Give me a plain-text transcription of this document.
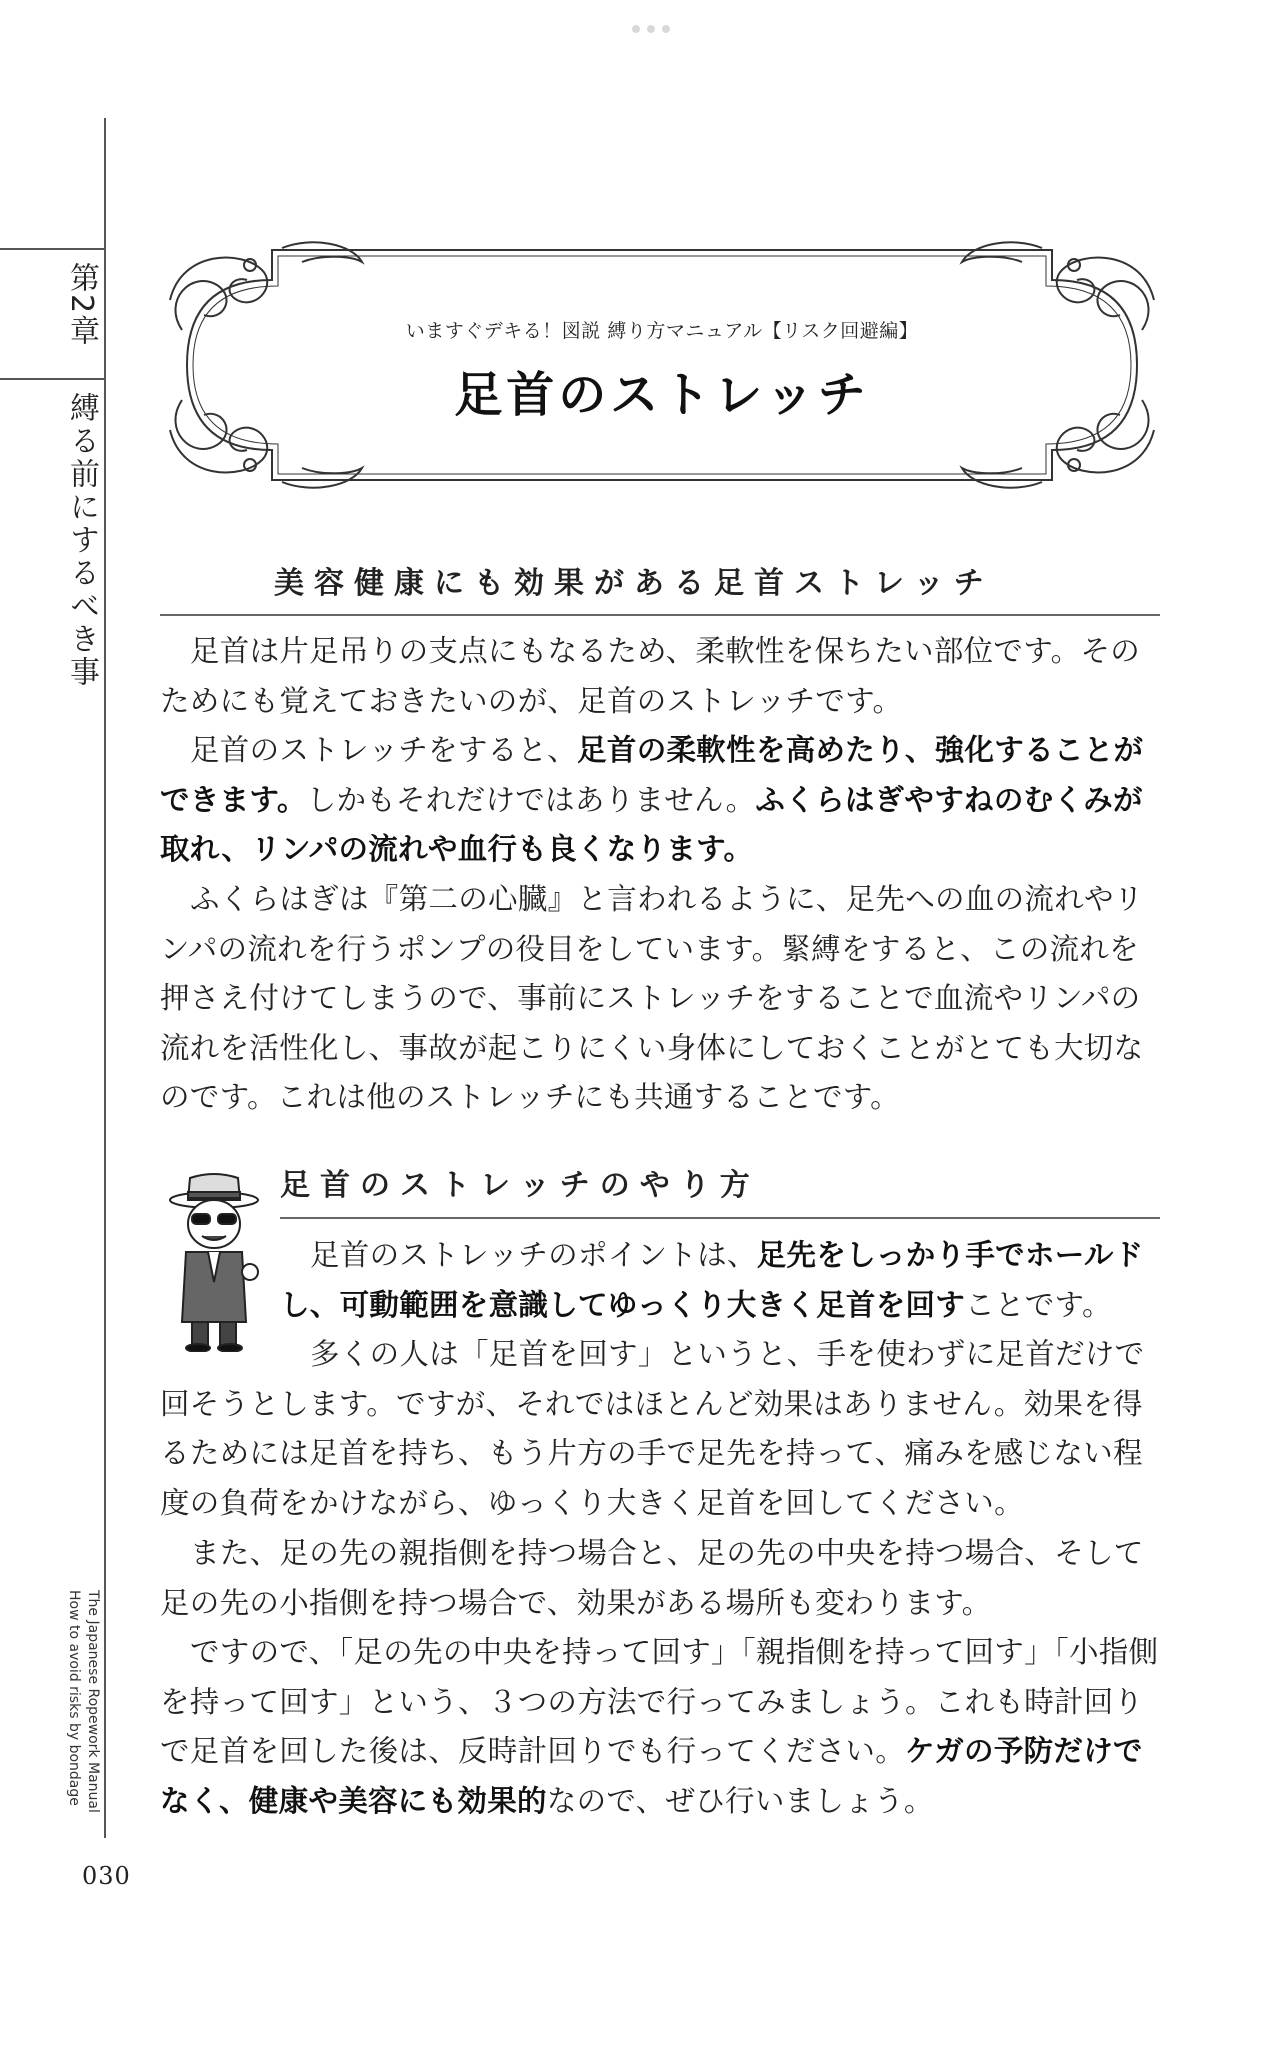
第2章
縛る前にするべき事
The Japanese Ropework Manual
How to avoid risks by bondage
030
いますぐデキる！図説 縛り方マニュアル【リスク回避編】
足首のストレッチ
美容健康にも効果がある足首ストレッチ

足首は片足吊りの支点にもなるため、柔軟性を保ちたい部位です。そのためにも覚えておきたいのが、足首のストレッチです。

足首のストレッチをすると、足首の柔軟性を高めたり、強化することができます。しかもそれだけではありません。ふくらはぎやすねのむくみが取れ、リンパの流れや血行も良くなります。

ふくらはぎは『第二の心臓』と言われるように、足先への血の流れやリンパの流れを行うポンプの役目をしています。緊縛をすると、この流れを押さえ付けてしまうので、事前にストレッチをすることで血流やリンパの流れを活性化し、事故が起こりにくい身体にしておくことがとても大切なのです。これは他のストレッチにも共通することです。

足首のストレッチのやり方

足首のストレッチのポイントは、足先をしっかり手でホールドし、可動範囲を意識してゆっくり大きく足首を回すことです。

多くの人は「足首を回す」というと、手を使わずに足首だけで回そうとします。ですが、それではほとんど効果はありません。効果を得るためには足首を持ち、もう片方の手で足先を持って、痛みを感じない程度の負荷をかけながら、ゆっくり大きく足首を回してください。

また、足の先の親指側を持つ場合と、足の先の中央を持つ場合、そして足の先の小指側を持つ場合で、効果がある場所も変わります。

ですので、「足の先の中央を持って回す」「親指側を持って回す」「小指側を持って回す」という、３つの方法で行ってみましょう。これも時計回りで足首を回した後は、反時計回りでも行ってください。ケガの予防だけでなく、健康や美容にも効果的なので、ぜひ行いましょう。
